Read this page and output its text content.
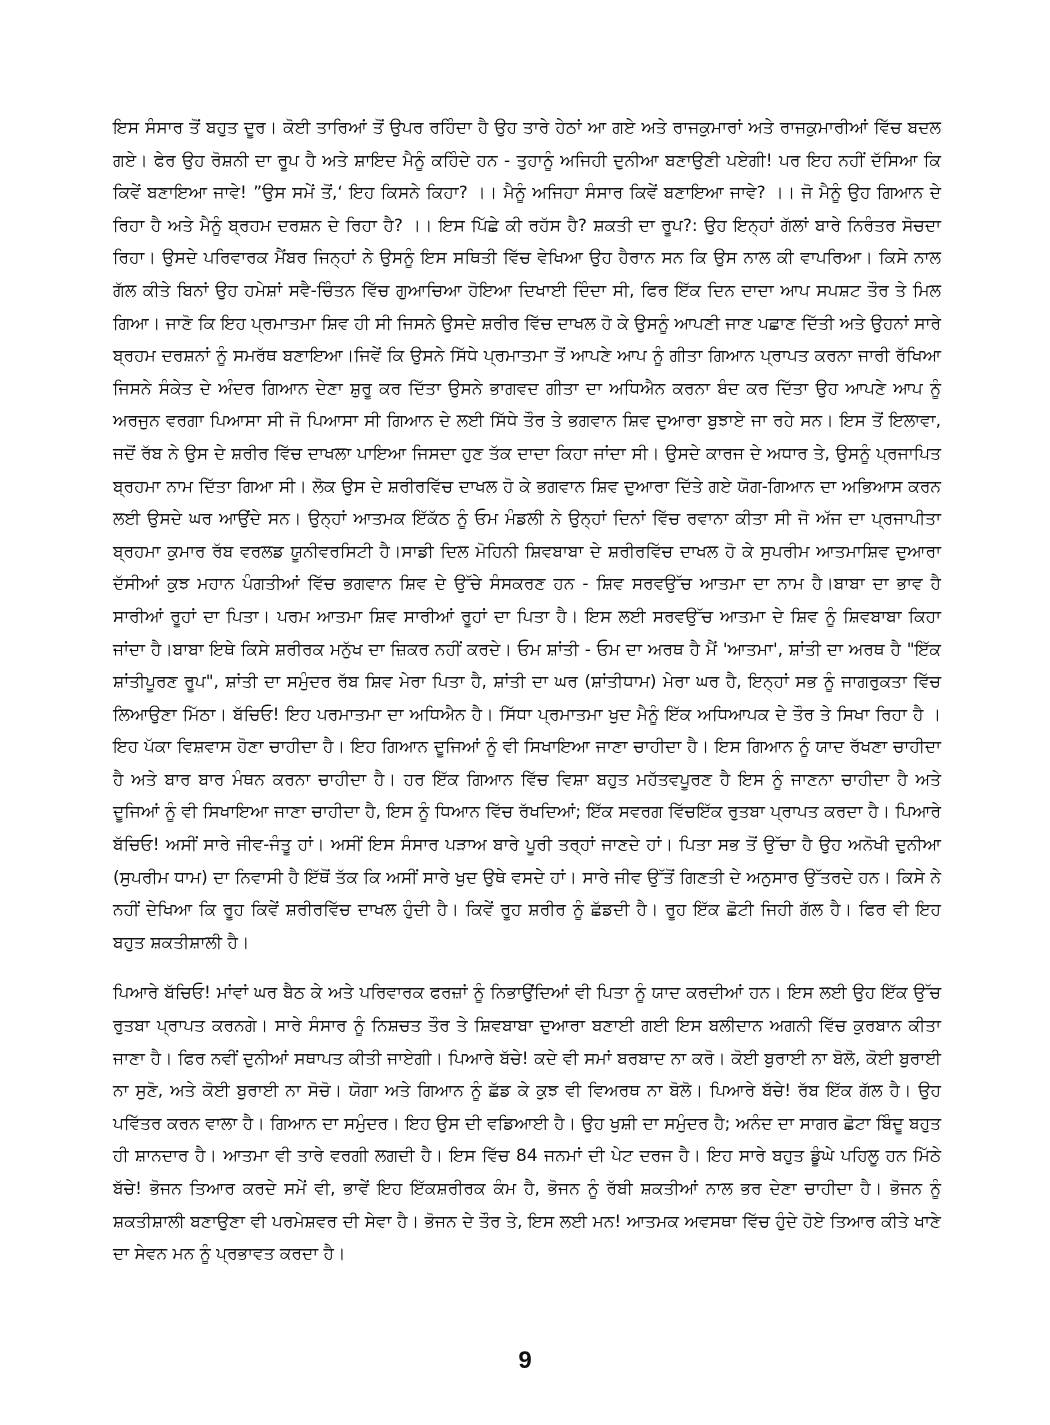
ਇਸ ਸੰਸਾਰ ਤੋਂ ਬਹੁਤ ਦੂਰ। ਕੋਈ ਤਾਰਿਆਂ ਤੋਂ ਉਪਰ ਰਹਿੰਦਾ ਹੈ ਉਹ ਤਾਰੇ ਹੇਠਾਂ ਆ ਗਏ ਅਤੇ ਰਾਜਕੁਮਾਰਾਂ ਅਤੇ ਰਾਜਕੁਮਾਰੀਆਂ ਵਿੱਚ ਬਦਲ ਗਏ। ਫੇਰ ਉਹ ਰੋਸ਼ਨੀ ਦਾ ਰੂਪ ਹੈ ਅਤੇ ਸ਼ਾਇਦ ਮੈਨੂੰ ਕਹਿੰਦੇ ਹਨ - ਤੁਹਾਨੂੰ ਅਜਿਹੀ ਦੁਨੀਆ ਬਣਾਉਣੀ ਪਏਗੀ! ਪਰ ਇਹ ਨਹੀਂ ਦੱਸਿਆ ਕਿ ਕਿਵੇਂ ਬਣਾਇਆ ਜਾਵੇ! ”ਉਸ ਸਮੇਂ ਤੋਂ,‘ ਇਹ ਕਿਸਨੇ ਕਿਹਾ? ।। ਮੈਨੂੰ ਅਜਿਹਾ ਸੰਸਾਰ ਕਿਵੇਂ ਬਣਾਇਆ ਜਾਵੇ? ।। ਜੋ ਮੈਨੂੰ ਉਹ ਗਿਆਨ ਦੇ ਰਿਹਾ ਹੈ ਅਤੇ ਮੈਨੂੰ ਬ੍ਰਹਮ ਦਰਸ਼ਨ ਦੇ ਰਿਹਾ ਹੈ? ।। ਇਸ ਪਿੱਛੇ ਕੀ ਰਹੱਸ ਹੈ? ਸ਼ਕਤੀ ਦਾ ਰੂਪ?: ਉਹ ਇਨ੍ਹਾਂ ਗੱਲਾਂ ਬਾਰੇ ਨਿਰੰਤਰ ਸੋਚਦਾ ਰਿਹਾ। ਉਸਦੇ ਪਰਿਵਾਰਕ ਮੈਂਬਰ ਜਿਨ੍ਹਾਂ ਨੇ ਉਸਨੂੰ ਇਸ ਸਥਿਤੀ ਵਿੱਚ ਵੇਖਿਆ ਉਹ ਹੈਰਾਨ ਸਨ ਕਿ ਉਸ ਨਾਲ ਕੀ ਵਾਪਰਿਆ। ਕਿਸੇ ਨਾਲ ਗੱਲ ਕੀਤੇ ਬਿਨਾਂ ਉਹ ਹਮੇਸ਼ਾਂ ਸਵੈ-ਚਿੰਤਨ ਵਿੱਚ ਗੁਆਚਿਆ ਹੋਇਆ ਦਿਖਾਈ ਦਿੰਦਾ ਸੀ, ਫਿਰ ਇੱਕ ਦਿਨ ਦਾਦਾ ਆਪ ਸਪਸ਼ਟ ਤੌਰ ਤੇ ਮਿਲ ਗਿਆ। ਜਾਣੋ ਕਿ ਇਹ ਪ੍ਰਮਾਤਮਾ ਸ਼ਿਵ ਹੀ ਸੀ ਜਿਸਨੇ ਉਸਦੇ ਸ਼ਰੀਰ ਵਿੱਚ ਦਾਖਲ ਹੋ ਕੇ ਉਸਨੂੰ ਆਪਣੀ ਜਾਣ ਪਛਾਣ ਦਿੱਤੀ ਅਤੇ ਉਹਨਾਂ ਸਾਰੇ ਬ੍ਰਹਮ ਦਰਸ਼ਨਾਂ ਨੂੰ ਸਮਰੱਥ ਬਣਾਇਆ।ਜਿਵੇਂ ਕਿ ਉਸਨੇ ਸਿੱਧੇ ਪ੍ਰਮਾਤਮਾ ਤੋਂ ਆਪਣੇ ਆਪ ਨੂੰ ਗੀਤਾ ਗਿਆਨ ਪ੍ਰਾਪਤ ਕਰਨਾ ਜਾਰੀ ਰੱਖਿਆ ਜਿਸਨੇ ਸੰਕੇਤ ਦੇ ਅੰਦਰ ਗਿਆਨ ਦੇਣਾ ਸ਼ੁਰੂ ਕਰ ਦਿੱਤਾ ਉਸਨੇ ਭਾਗਵਦ ਗੀਤਾ ਦਾ ਅਧਿਐਨ ਕਰਨਾ ਬੰਦ ਕਰ ਦਿੱਤਾ ਉਹ ਆਪਣੇ ਆਪ ਨੂੰ ਅਰਜੁਨ ਵਰਗਾ ਪਿਆਸਾ ਸੀ ਜੋ ਪਿਆਸਾ ਸੀ ਗਿਆਨ ਦੇ ਲਈ ਸਿੱਧੇ ਤੌਰ ਤੇ ਭਗਵਾਨ ਸ਼ਿਵ ਦੁਆਰਾ ਬੁਝਾਏ ਜਾ ਰਹੇ ਸਨ। ਇਸ ਤੋਂ ਇਲਾਵਾ, ਜਦੋਂ ਰੱਬ ਨੇ ਉਸ ਦੇ ਸ਼ਰੀਰ ਵਿੱਚ ਦਾਖਲਾ ਪਾਇਆ ਜਿਸਦਾ ਹੁਣ ਤੱਕ ਦਾਦਾ ਕਿਹਾ ਜਾਂਦਾ ਸੀ। ਉਸਦੇ ਕਾਰਜ ਦੇ ਅਧਾਰ ਤੇ, ਉਸਨੂੰ ਪ੍ਰਜਾਪਿਤ ਬ੍ਰਹਮਾ ਨਾਮ ਦਿੱਤਾ ਗਿਆ ਸੀ। ਲੋਕ ਉਸ ਦੇ ਸ਼ਰੀਰਵਿੱਚ ਦਾਖਲ ਹੋ ਕੇ ਭਗਵਾਨ ਸ਼ਿਵ ਦੁਆਰਾ ਦਿੱਤੇ ਗਏ ਯੋਗ-ਗਿਆਨ ਦਾ ਅਭਿਆਸ ਕਰਨ ਲਈ ਉਸਦੇ ਘਰ ਆਉਂਦੇ ਸਨ। ਉਨ੍ਹਾਂ ਆਤਮਕ ਇੱਕੱਠ ਨੂੰ ਓਮ ਮੰਡਲੀ ਨੇ ਉਨ੍ਹਾਂ ਦਿਨਾਂ ਵਿੱਚ ਰਵਾਨਾ ਕੀਤਾ ਸੀ ਜੋ ਅੱਜ ਦਾ ਪ੍ਰਜਾਪੀਤਾ ਬ੍ਰਹਮਾ ਕੁਮਾਰ ਰੱਬ ਵਰਲਡ ਯੂਨੀਵਰਸਿਟੀ ਹੈ।ਸਾਡੀ ਦਿਲ ਮੋਹਿਨੀ ਸ਼ਿਵਬਾਬਾ ਦੇ ਸ਼ਰੀਰਵਿੱਚ ਦਾਖਲ ਹੋ ਕੇ ਸੁਪਰੀਮ ਆਤਮਾਸ਼ਿਵ ਦੁਆਰਾ ਦੱਸੀਆਂ ਕੁਝ ਮਹਾਨ ਪੰਗਤੀਆਂ ਵਿੱਚ ਭਗਵਾਨ ਸ਼ਿਵ ਦੇ ਉੱਚੇ ਸੰਸਕਰਣ ਹਨ - ਸ਼ਿਵ ਸਰਵਉੱਚ ਆਤਮਾ ਦਾ ਨਾਮ ਹੈ।ਬਾਬਾ ਦਾ ਭਾਵ ਹੈ ਸਾਰੀਆਂ ਰੂਹਾਂ ਦਾ ਪਿਤਾ। ਪਰਮ ਆਤਮਾ ਸ਼ਿਵ ਸਾਰੀਆਂ ਰੂਹਾਂ ਦਾ ਪਿਤਾ ਹੈ। ਇਸ ਲਈ ਸਰਵਉੱਚ ਆਤਮਾ ਦੇ ਸ਼ਿਵ ਨੂੰ ਸ਼ਿਵਬਾਬਾ ਕਿਹਾ ਜਾਂਦਾ ਹੈ।ਬਾਬਾ ਇਥੇ ਕਿਸੇ ਸ਼ਰੀਰਕ ਮਨੁੱਖ ਦਾ ਜ਼ਿਕਰ ਨਹੀਂ ਕਰਦੇ। ਓਮ ਸ਼ਾਂਤੀ - ਓਮ ਦਾ ਅਰਥ ਹੈ ਮੈਂ 'ਆਤਮਾ', ਸ਼ਾਂਤੀ ਦਾ ਅਰਥ ਹੈ "ਇੱਕ ਸ਼ਾਂਤੀਪੂਰਣ ਰੂਪ", ਸ਼ਾਂਤੀ ਦਾ ਸਮੁੰਦਰ ਰੱਬ ਸ਼ਿਵ ਮੇਰਾ ਪਿਤਾ ਹੈ, ਸ਼ਾਂਤੀ ਦਾ ਘਰ (ਸ਼ਾਂਤੀਧਾਮ) ਮੇਰਾ ਘਰ ਹੈ, ਇਨ੍ਹਾਂ ਸਭ ਨੂੰ ਜਾਗਰੁਕਤਾ ਵਿੱਚ ਲਿਆਉਣਾ ਮਿੱਠਾ। ਬੱਚਿਓ! ਇਹ ਪਰਮਾਤਮਾ ਦਾ ਅਧਿਐਨ ਹੈ। ਸਿੱਧਾ ਪ੍ਰਮਾਤਮਾ ਖੁਦ ਮੈਨੂੰ ਇੱਕ ਅਧਿਆਪਕ ਦੇ ਤੌਰ ਤੇ ਸਿਖਾ ਰਿਹਾ ਹੈ । ਇਹ ਪੱਕਾ ਵਿਸ਼ਵਾਸ ਹੋਣਾ ਚਾਹੀਦਾ ਹੈ। ਇਹ ਗਿਆਨ ਦੂਜਿਆਂ ਨੂੰ ਵੀ ਸਿਖਾਇਆ ਜਾਣਾ ਚਾਹੀਦਾ ਹੈ। ਇਸ ਗਿਆਨ ਨੂੰ ਯਾਦ ਰੱਖਣਾ ਚਾਹੀਦਾ ਹੈ ਅਤੇ ਬਾਰ ਬਾਰ ਮੰਥਨ ਕਰਨਾ ਚਾਹੀਦਾ ਹੈ। ਹਰ ਇੱਕ ਗਿਆਨ ਵਿੱਚ ਵਿਸ਼ਾ ਬਹੁਤ ਮਹੱਤਵਪੂਰਣ ਹੈ ਇਸ ਨੂੰ ਜਾਣਨਾ ਚਾਹੀਦਾ ਹੈ ਅਤੇ ਦੂਜਿਆਂ ਨੂੰ ਵੀ ਸਿਖਾਇਆ ਜਾਣਾ ਚਾਹੀਦਾ ਹੈ, ਇਸ ਨੂੰ ਧਿਆਨ ਵਿੱਚ ਰੱਖਦਿਆਂ; ਇੱਕ ਸਵਰਗ ਵਿੱਚਇੱਕ ਰੁਤਬਾ ਪ੍ਰਾਪਤ ਕਰਦਾ ਹੈ। ਪਿਆਰੇ ਬੱਚਿਓ! ਅਸੀਂ ਸਾਰੇ ਜੀਵ-ਜੰਤੂ ਹਾਂ। ਅਸੀਂ ਇਸ ਸੰਸਾਰ ਪੜਾਅ ਬਾਰੇ ਪੂਰੀ ਤਰ੍ਹਾਂ ਜਾਣਦੇ ਹਾਂ। ਪਿਤਾ ਸਭ ਤੋਂ ਉੱਚਾ ਹੈ ਉਹ ਅਨੋਖੀ ਦੁਨੀਆ (ਸੁਪਰੀਮ ਧਾਮ) ਦਾ ਨਿਵਾਸੀ ਹੈ ਇੱਥੋਂ ਤੱਕ ਕਿ ਅਸੀਂ ਸਾਰੇ ਖੁਦ ਉਥੇ ਵਸਦੇ ਹਾਂ। ਸਾਰੇ ਜੀਵ ਉੱਤੋਂ ਗਿਣਤੀ ਦੇ ਅਨੁਸਾਰ ਉੱਤਰਦੇ ਹਨ। ਕਿਸੇ ਨੇ ਨਹੀਂ ਦੇਖਿਆ ਕਿ ਰੂਹ ਕਿਵੇਂ ਸ਼ਰੀਰਵਿੱਚ ਦਾਖਲ ਹੁੰਦੀ ਹੈ। ਕਿਵੇਂ ਰੂਹ ਸ਼ਰੀਰ ਨੂੰ ਛੱਡਦੀ ਹੈ। ਰੂਹ ਇੱਕ ਛੋਟੀ ਜਿਹੀ ਗੱਲ ਹੈ। ਫਿਰ ਵੀ ਇਹ ਬਹੁਤ ਸ਼ਕਤੀਸ਼ਾਲੀ ਹੈ।

ਪਿਆਰੇ ਬੱਚਿਓ! ਮਾਂਵਾਂ ਘਰ ਬੈਠ ਕੇ ਅਤੇ ਪਰਿਵਾਰਕ ਫਰਜ਼ਾਂ ਨੂੰ ਨਿਭਾਉਂਦਿਆਂ ਵੀ ਪਿਤਾ ਨੂੰ ਯਾਦ ਕਰਦੀਆਂ ਹਨ। ਇਸ ਲਈ ਉਹ ਇੱਕ ਉੱਚ ਰੁਤਬਾ ਪ੍ਰਾਪਤ ਕਰਨਗੇ। ਸਾਰੇ ਸੰਸਾਰ ਨੂੰ ਨਿਸ਼ਚਤ ਤੌਰ ਤੇ ਸ਼ਿਵਬਾਬਾ ਦੁਆਰਾ ਬਣਾਈ ਗਈ ਇਸ ਬਲੀਦਾਨ ਅਗਨੀ ਵਿੱਚ ਕੁਰਬਾਨ ਕੀਤਾ ਜਾਣਾ ਹੈ। ਫਿਰ ਨਵੀਂ ਦੁਨੀਆਂ ਸਥਾਪਤ ਕੀਤੀ ਜਾਏਗੀ। ਪਿਆਰੇ ਬੱਚੇ! ਕਦੇ ਵੀ ਸਮਾਂ ਬਰਬਾਦ ਨਾ ਕਰੋ। ਕੋਈ ਬੁਰਾਈ ਨਾ ਬੋਲੋ, ਕੋਈ ਬੁਰਾਈ ਨਾ ਸੁਣੋ, ਅਤੇ ਕੋਈ ਬੁਰਾਈ ਨਾ ਸੋਚੋ। ਯੋਗਾ ਅਤੇ ਗਿਆਨ ਨੂੰ ਛੱਡ ਕੇ ਕੁਝ ਵੀ ਵਿਅਰਥ ਨਾ ਬੋਲੋ। ਪਿਆਰੇ ਬੱਚੇ! ਰੱਬ ਇੱਕ ਗੱਲ ਹੈ। ਉਹ ਪਵਿੱਤਰ ਕਰਨ ਵਾਲਾ ਹੈ। ਗਿਆਨ ਦਾ ਸਮੁੰਦਰ। ਇਹ ਉਸ ਦੀ ਵਡਿਆਈ ਹੈ। ਉਹ ਖੁਸ਼ੀ ਦਾ ਸਮੁੰਦਰ ਹੈ; ਅਨੰਦ ਦਾ ਸਾਗਰ ਛੋਟਾ ਬਿੰਦੂ ਬਹੁਤ ਹੀ ਸ਼ਾਨਦਾਰ ਹੈ। ਆਤਮਾ ਵੀ ਤਾਰੇ ਵਰਗੀ ਲਗਦੀ ਹੈ। ਇਸ ਵਿੱਚ 84 ਜਨਮਾਂ ਦੀ ਪੇਟ ਦਰਜ ਹੈ। ਇਹ ਸਾਰੇ ਬਹੁਤ ਡੂੰਘੇ ਪਹਿਲੂ ਹਨ ਮਿੱਠੇ ਬੱਚੇ! ਭੋਜਨ ਤਿਆਰ ਕਰਦੇ ਸਮੇਂ ਵੀ, ਭਾਵੇਂ ਇਹ ਇੱਕਸ਼ਰੀਰਕ ਕੰਮ ਹੈ, ਭੋਜਨ ਨੂੰ ਰੱਬੀ ਸ਼ਕਤੀਆਂ ਨਾਲ ਭਰ ਦੇਣਾ ਚਾਹੀਦਾ ਹੈ। ਭੋਜਨ ਨੂੰ ਸ਼ਕਤੀਸ਼ਾਲੀ ਬਣਾਉਣਾ ਵੀ ਪਰਮੇਸ਼ਵਰ ਦੀ ਸੇਵਾ ਹੈ। ਭੋਜਨ ਦੇ ਤੌਰ ਤੇ, ਇਸ ਲਈ ਮਨ! ਆਤਮਕ ਅਵਸਥਾ ਵਿੱਚ ਹੁੰਦੇ ਹੋਏ ਤਿਆਰ ਕੀਤੇ ਖਾਣੇ ਦਾ ਸੇਵਨ ਮਨ ਨੂੰ ਪ੍ਰਭਾਵਤ ਕਰਦਾ ਹੈ।

9
